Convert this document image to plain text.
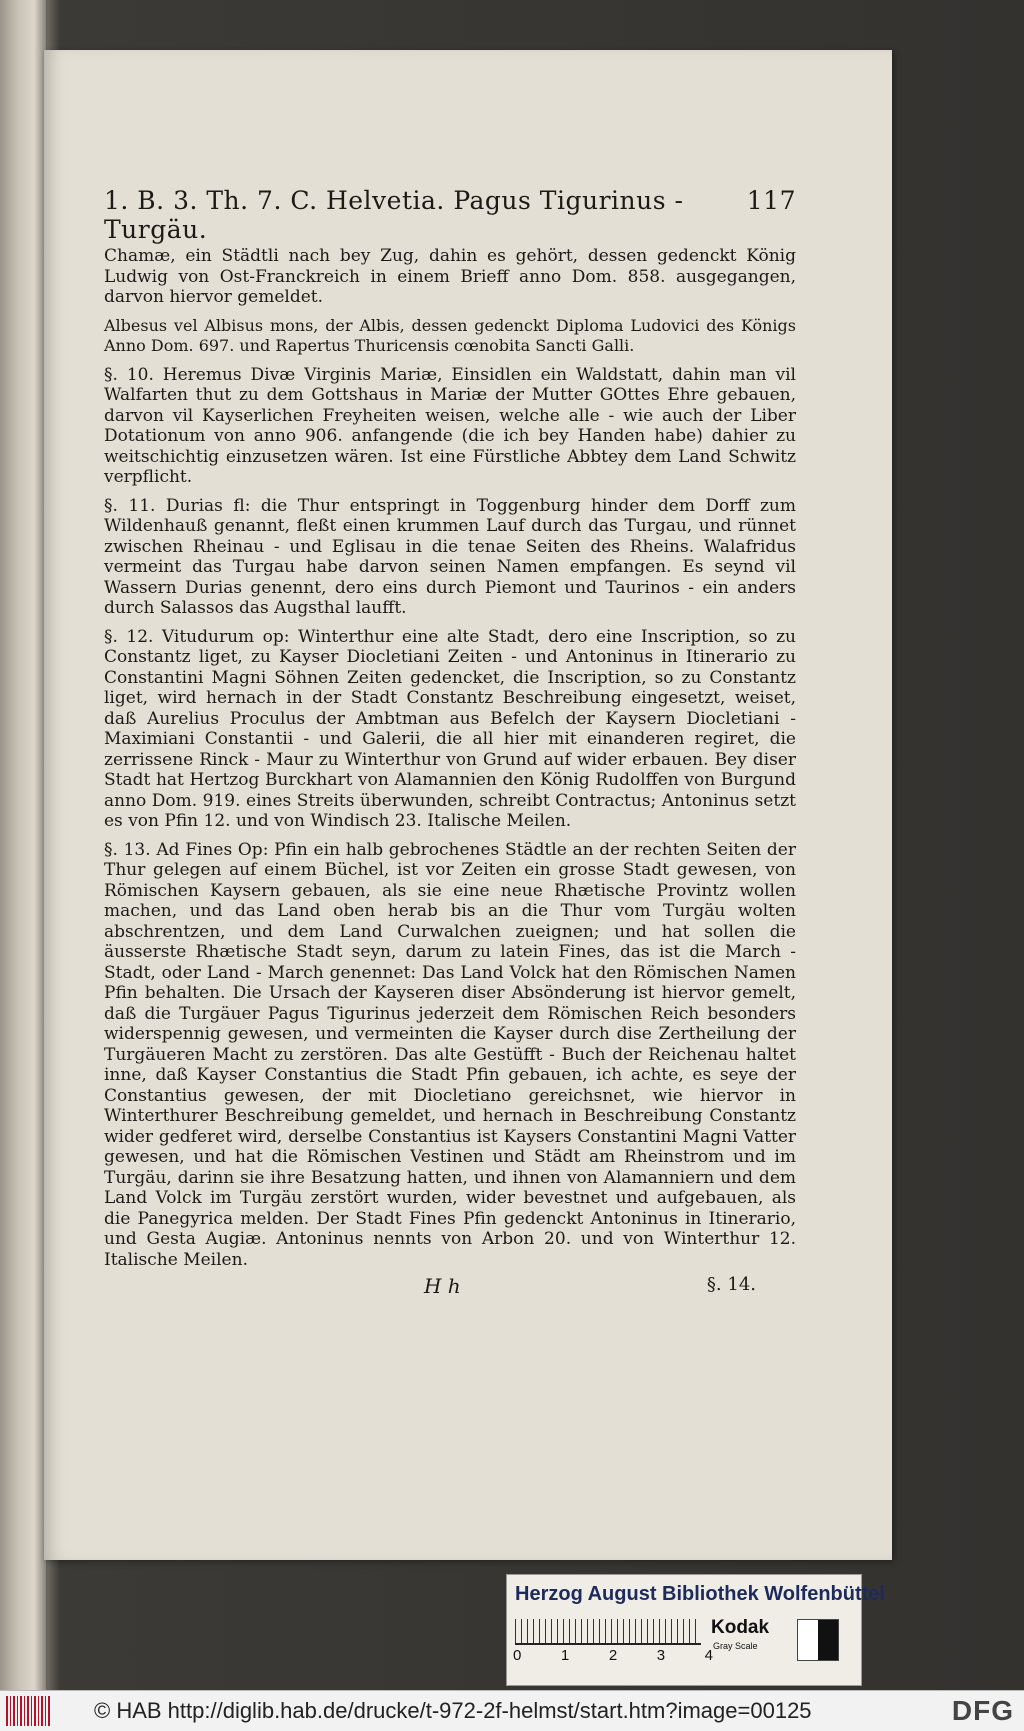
1. B. 3. Th. 7. C. Helvetia. Pagus Tigurinus - Turgäu.
117

Chamæ, ein Städtli nach bey Zug, dahin es gehört, dessen gedenckt König Ludwig von Ost-Franckreich in einem Brieff anno Dom. 858. ausgegangen, darvon hiervor gemeldet.

Albesus vel Albisus mons, der Albis, dessen gedenckt Diploma Ludovici des Königs Anno Dom. 697. und Rapertus Thuricensis cœnobita Sancti Galli.

§. 10. Heremus Divæ Virginis Mariæ, Einsidlen ein Waldstatt, dahin man vil Walfarten thut zu dem Gottshaus in Mariæ der Mutter GOttes Ehre gebauen, darvon vil Kayserlichen Freyheiten weisen, welche alle - wie auch der Liber Dotationum von anno 906. anfangende (die ich bey Handen habe) dahier zu weitschichtig einzusetzen wären. Ist eine Fürstliche Abbtey dem Land Schwitz verpflicht.

§. 11. Durias fl: die Thur entspringt in Toggenburg hinder dem Dorff zum Wildenhauß genannt, fleßt einen krummen Lauf durch das Turgau, und rünnet zwischen Rheinau - und Eglisau in die tenae Seiten des Rheins. Walafridus vermeint das Turgau habe darvon seinen Namen empfangen. Es seynd vil Wassern Durias genennt, dero eins durch Piemont und Taurinos - ein anders durch Salassos das Augsthal laufft.

§. 12. Vitudurum op: Winterthur eine alte Stadt, dero eine Inscription, so zu Constantz liget, zu Kayser Diocletiani Zeiten - und Antoninus in Itinerario zu Constantini Magni Söhnen Zeiten gedencket, die Inscription, so zu Constantz liget, wird hernach in der Stadt Constantz Beschreibung eingesetzt, weiset, daß Aurelius Proculus der Ambtman aus Befelch der Kaysern Diocletiani - Maximiani Constantii - und Galerii, die all hier mit einanderen regiret, die zerrissene Rinck - Maur zu Winterthur von Grund auf wider erbauen. Bey diser Stadt hat Hertzog Burckhart von Alamannien den König Rudolffen von Burgund anno Dom. 919. eines Streits überwunden, schreibt Contractus; Antoninus setzt es von Pfin 12. und von Windisch 23. Italische Meilen.

§. 13. Ad Fines Op: Pfin ein halb gebrochenes Städtle an der rechten Seiten der Thur gelegen auf einem Büchel, ist vor Zeiten ein grosse Stadt gewesen, von Römischen Kaysern gebauen, als sie eine neue Rhætische Provintz wollen machen, und das Land oben herab bis an die Thur vom Turgäu wolten abschrentzen, und dem Land Curwalchen zueignen; und hat sollen die äusserste Rhætische Stadt seyn, darum zu latein Fines, das ist die March - Stadt, oder Land - March genennet: Das Land Volck hat den Römischen Namen Pfin behalten. Die Ursach der Kayseren diser Absönderung ist hiervor gemelt, daß die Turgäuer Pagus Tigurinus jederzeit dem Römischen Reich besonders widerspennig gewesen, und vermeinten die Kayser durch dise Zertheilung der Turgäueren Macht zu zerstören. Das alte Gestüfft - Buch der Reichenau haltet inne, daß Kayser Constantius die Stadt Pfin gebauen, ich achte, es seye der Constantius gewesen, der mit Diocletiano gereichsnet, wie hiervor in Winterthurer Beschreibung gemeldet, und hernach in Beschreibung Constantz wider gedferet wird, derselbe Constantius ist Kaysers Constantini Magni Vatter gewesen, und hat die Römischen Vestinen und Städt am Rheinstrom und im Turgäu, darinn sie ihre Besatzung hatten, und ihnen von Alamanniern und dem Land Volck im Turgäu zerstört wurden, wider bevestnet und aufgebauen, als die Panegyrica melden. Der Stadt Fines Pfin gedenckt Antoninus in Itinerario, und Gesta Augiæ. Antoninus nennts von Arbon 20. und von Winterthur 12. Italische Meilen.

H h	§. 14.
Herzog August Bibliothek Wolfenbüttel
0	1	2	3	4
Kodak
Gray Scale
© HAB http://diglib.hab.de/drucke/t-972-2f-helmst/start.htm?image=00125	DFG
